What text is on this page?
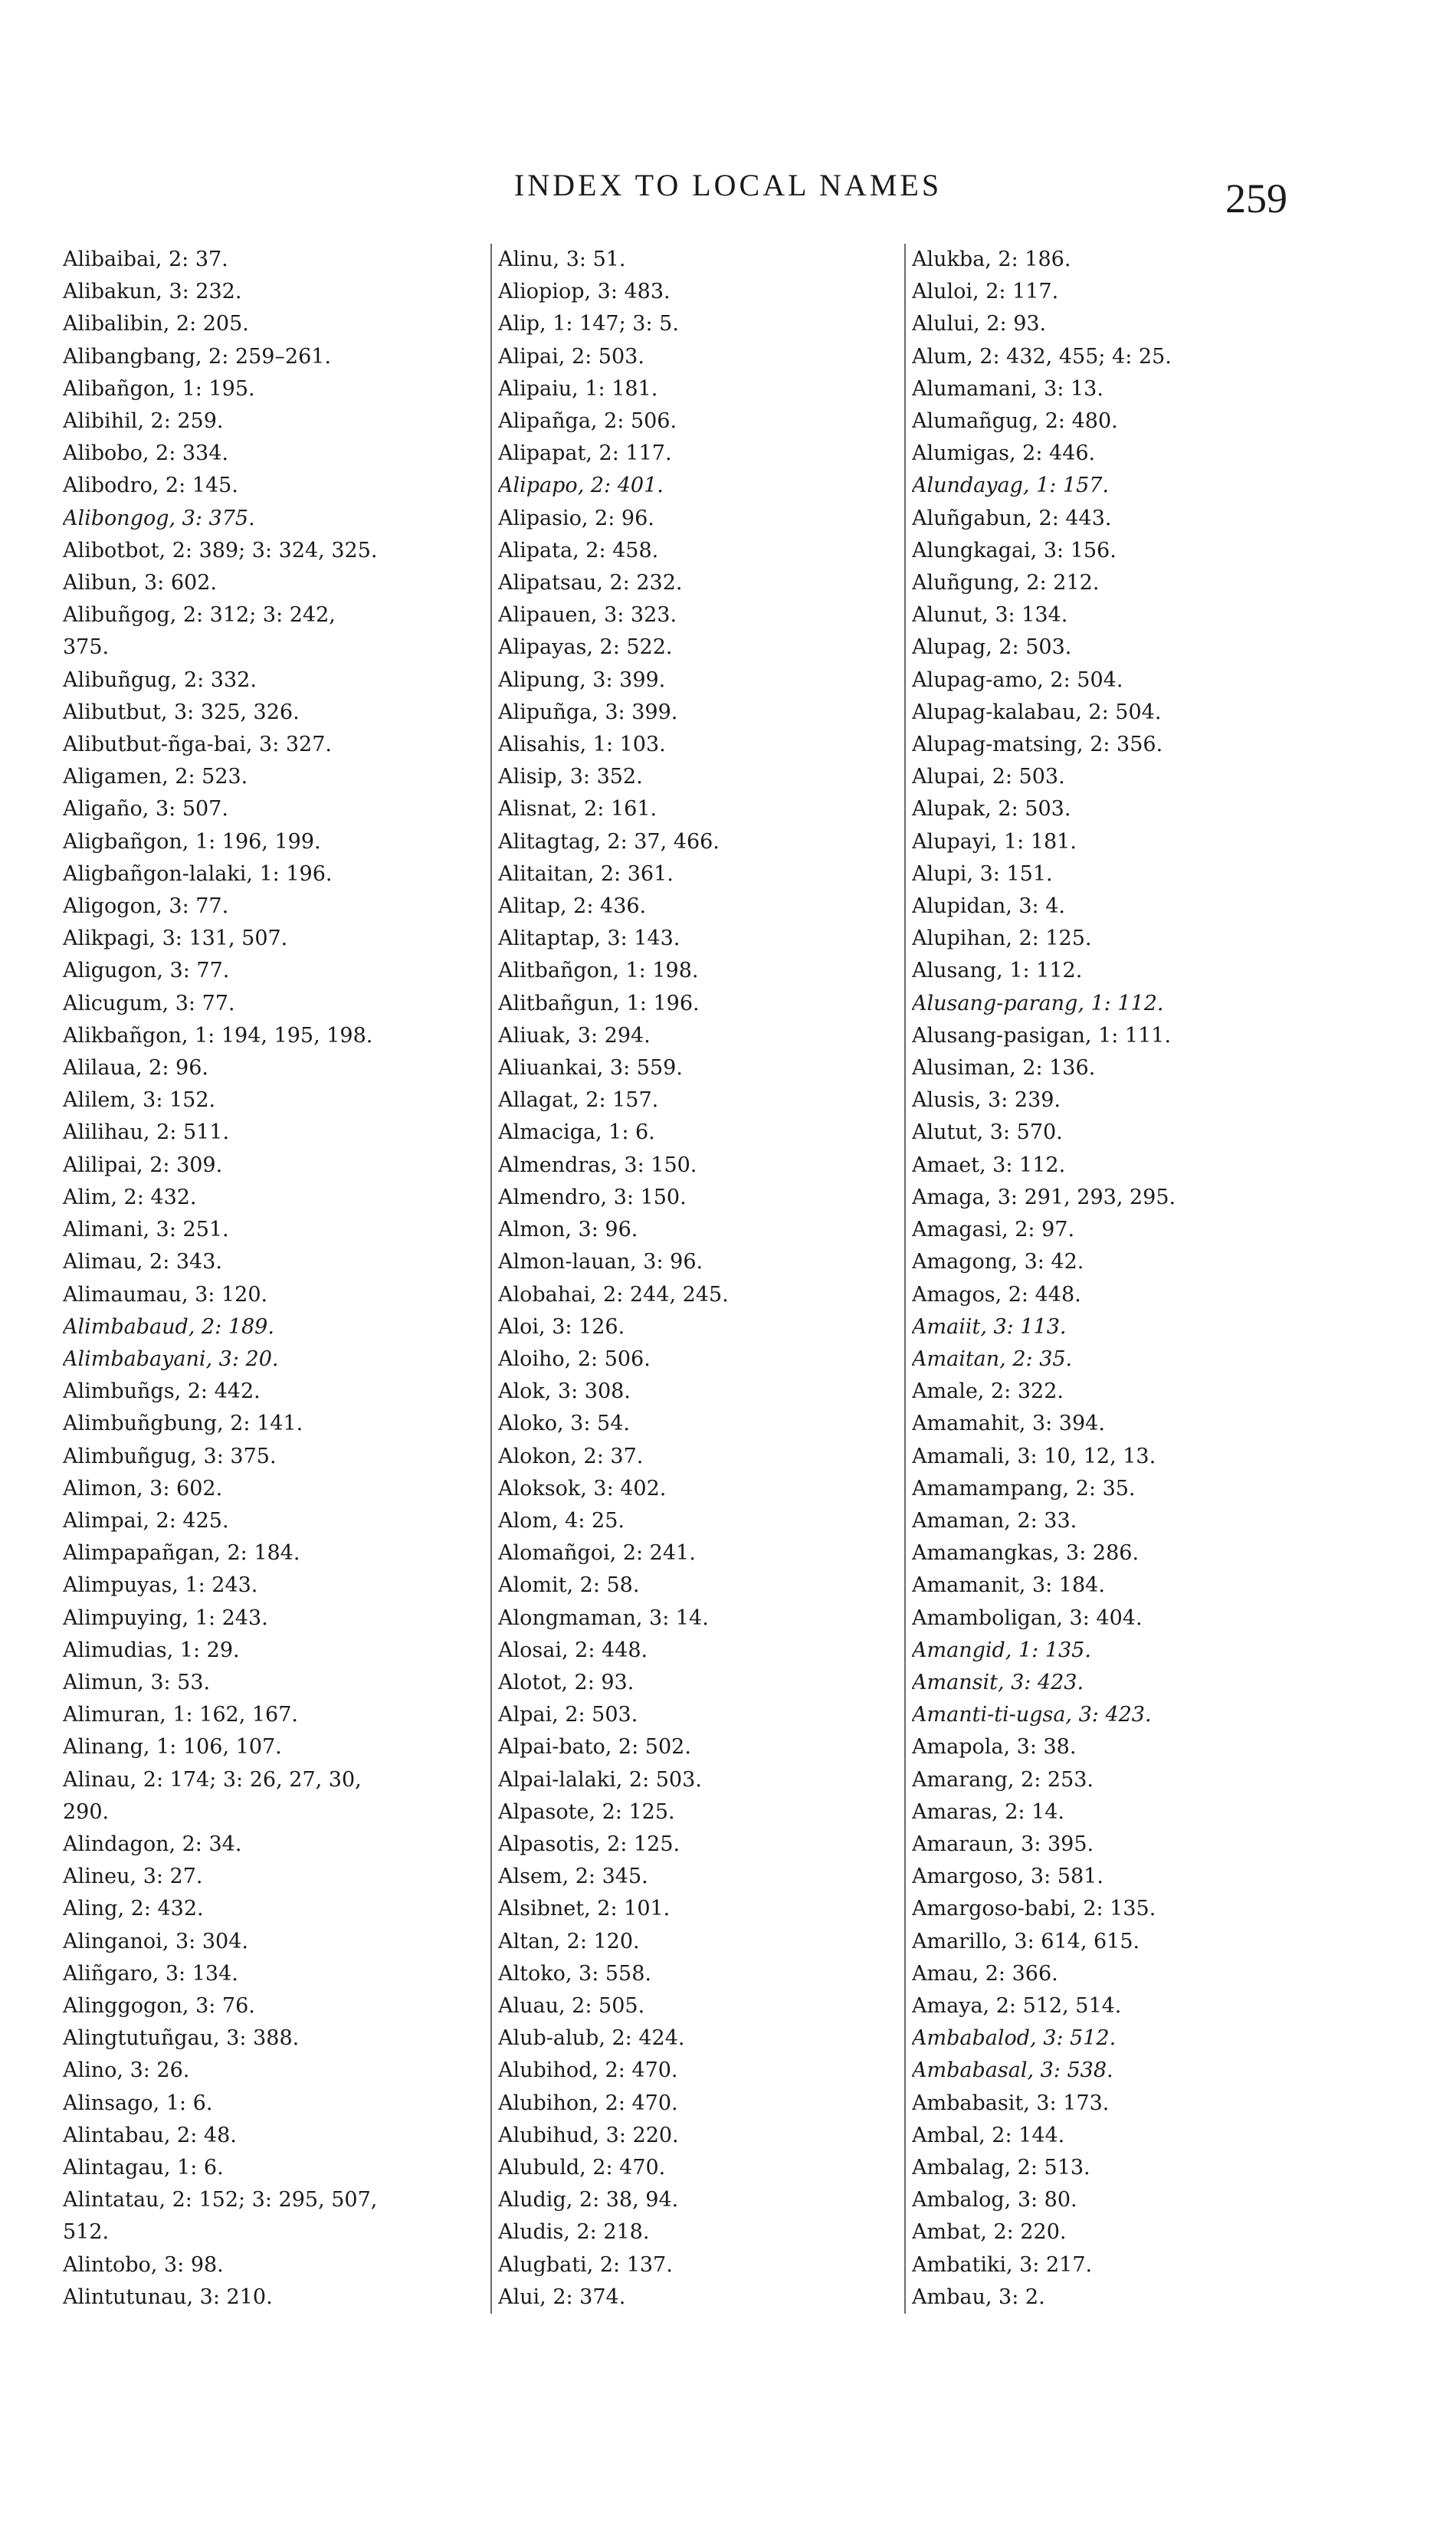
INDEX TO LOCAL NAMES	259

Alibaibai, 2: 37.

Alibakun, 3: 232.

Alibalibin, 2: 205.

Alibangbang, 2: 259–261.

Alibañgon, 1: 195.

Alibihil, 2: 259.

Alibobo, 2: 334.

Alibodro, 2: 145.

Alibongog, 3: 375.

Alibotbot, 2: 389; 3: 324, 325.

Alibun, 3: 602.

Alibuñgog, 2: 312; 3: 242,

375.

Alibuñgug, 2: 332.

Alibutbut, 3: 325, 326.

Alibutbut-ñga-bai, 3: 327.

Aligamen, 2: 523.

Aligaño, 3: 507.

Aligbañgon, 1: 196, 199.

Aligbañgon-lalaki, 1: 196.

Aligogon, 3: 77.

Alikpagi, 3: 131, 507.

Aligugon, 3: 77.

Alicugum, 3: 77.

Alikbañgon, 1: 194, 195, 198.

Alilaua, 2: 96.

Alilem, 3: 152.

Alilihau, 2: 511.

Alilipai, 2: 309.

Alim, 2: 432.

Alimani, 3: 251.

Alimau, 2: 343.

Alimaumau, 3: 120.

Alimbabaud, 2: 189.

Alimbabayani, 3: 20.

Alimbuñgs, 2: 442.

Alimbuñgbung, 2: 141.

Alimbuñgug, 3: 375.

Alimon, 3: 602.

Alimpai, 2: 425.

Alimpapañgan, 2: 184.

Alimpuyas, 1: 243.

Alimpuying, 1: 243.

Alimudias, 1: 29.

Alimun, 3: 53.

Alimuran, 1: 162, 167.

Alinang, 1: 106, 107.

Alinau, 2: 174; 3: 26, 27, 30,

290.

Alindagon, 2: 34.

Alineu, 3: 27.

Aling, 2: 432.

Alinganoi, 3: 304.

Aliñgaro, 3: 134.

Alinggogon, 3: 76.

Alingtutuñgau, 3: 388.

Alino, 3: 26.

Alinsago, 1: 6.

Alintabau, 2: 48.

Alintagau, 1: 6.

Alintatau, 2: 152; 3: 295, 507,

512.

Alintobo, 3: 98.

Alintutunau, 3: 210.

Alinu, 3: 51.

Aliopiop, 3: 483.

Alip, 1: 147; 3: 5.

Alipai, 2: 503.

Alipaiu, 1: 181.

Alipañga, 2: 506.

Alipapat, 2: 117.

Alipapo, 2: 401.

Alipasio, 2: 96.

Alipata, 2: 458.

Alipatsau, 2: 232.

Alipauen, 3: 323.

Alipayas, 2: 522.

Alipung, 3: 399.

Alipuñga, 3: 399.

Alisahis, 1: 103.

Alisip, 3: 352.

Alisnat, 2: 161.

Alitagtag, 2: 37, 466.

Alitaitan, 2: 361.

Alitap, 2: 436.

Alitaptap, 3: 143.

Alitbañgon, 1: 198.

Alitbañgun, 1: 196.

Aliuak, 3: 294.

Aliuankai, 3: 559.

Allagat, 2: 157.

Almaciga, 1: 6.

Almendras, 3: 150.

Almendro, 3: 150.

Almon, 3: 96.

Almon-lauan, 3: 96.

Alobahai, 2: 244, 245.

Aloi, 3: 126.

Aloiho, 2: 506.

Alok, 3: 308.

Aloko, 3: 54.

Alokon, 2: 37.

Aloksok, 3: 402.

Alom, 4: 25.

Alomañgoi, 2: 241.

Alomit, 2: 58.

Alongmaman, 3: 14.

Alosai, 2: 448.

Alotot, 2: 93.

Alpai, 2: 503.

Alpai-bato, 2: 502.

Alpai-lalaki, 2: 503.

Alpasote, 2: 125.

Alpasotis, 2: 125.

Alsem, 2: 345.

Alsibnet, 2: 101.

Altan, 2: 120.

Altoko, 3: 558.

Aluau, 2: 505.

Alub-alub, 2: 424.

Alubihod, 2: 470.

Alubihon, 2: 470.

Alubihud, 3: 220.

Alubuld, 2: 470.

Aludig, 2: 38, 94.

Aludis, 2: 218.

Alugbati, 2: 137.

Alui, 2: 374.

Alukba, 2: 186.

Aluloi, 2: 117.

Alului, 2: 93.

Alum, 2: 432, 455; 4: 25.

Alumamani, 3: 13.

Alumañgug, 2: 480.

Alumigas, 2: 446.

Alundayag, 1: 157.

Aluñgabun, 2: 443.

Alungkagai, 3: 156.

Aluñgung, 2: 212.

Alunut, 3: 134.

Alupag, 2: 503.

Alupag-amo, 2: 504.

Alupag-kalabau, 2: 504.

Alupag-matsing, 2: 356.

Alupai, 2: 503.

Alupak, 2: 503.

Alupayi, 1: 181.

Alupi, 3: 151.

Alupidan, 3: 4.

Alupihan, 2: 125.

Alusang, 1: 112.

Alusang-parang, 1: 112.

Alusang-pasigan, 1: 111.

Alusiman, 2: 136.

Alusis, 3: 239.

Alutut, 3: 570.

Amaet, 3: 112.

Amaga, 3: 291, 293, 295.

Amagasi, 2: 97.

Amagong, 3: 42.

Amagos, 2: 448.

Amaiit, 3: 113.

Amaitan, 2: 35.

Amale, 2: 322.

Amamahit, 3: 394.

Amamali, 3: 10, 12, 13.

Amamampang, 2: 35.

Amaman, 2: 33.

Amamangkas, 3: 286.

Amamanit, 3: 184.

Amamboligan, 3: 404.

Amangid, 1: 135.

Amansit, 3: 423.

Amanti-ti-ugsa, 3: 423.

Amapola, 3: 38.

Amarang, 2: 253.

Amaras, 2: 14.

Amaraun, 3: 395.

Amargoso, 3: 581.

Amargoso-babi, 2: 135.

Amarillo, 3: 614, 615.

Amau, 2: 366.

Amaya, 2: 512, 514.

Ambabalod, 3: 512.

Ambabasal, 3: 538.

Ambabasit, 3: 173.

Ambal, 2: 144.

Ambalag, 2: 513.

Ambalog, 3: 80.

Ambat, 2: 220.

Ambatiki, 3: 217.

Ambau, 3: 2.
